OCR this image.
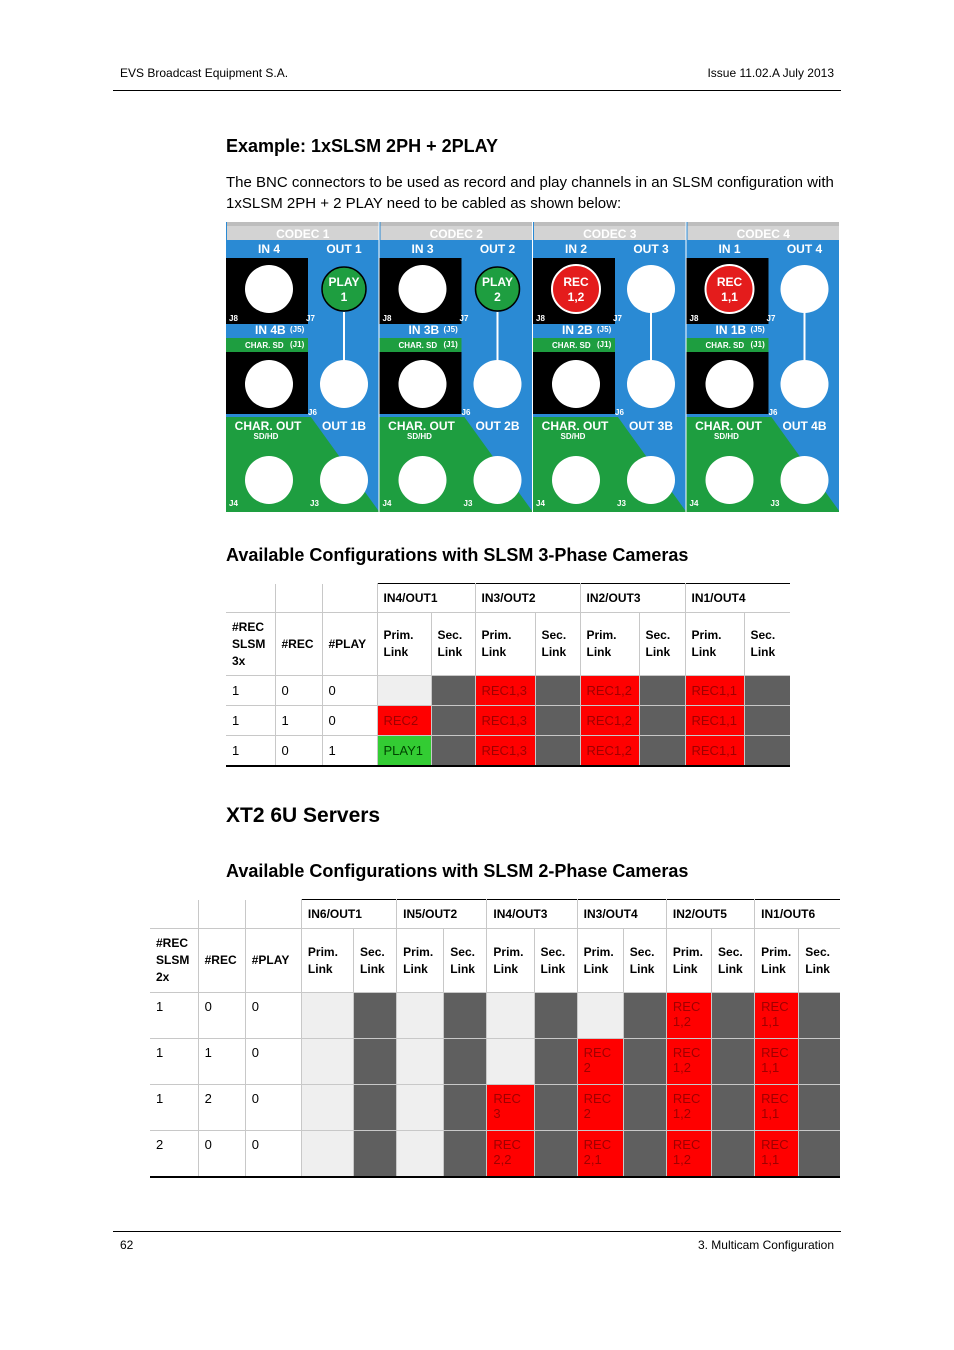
EVS Broadcast Equipment S.A.	Issue 11.02.A July 2013
Example: 1xSLSM 2PH + 2PLAY
The BNC connectors to be used as record and play channels in an SLSM configuration with 1xSLSM 2PH + 2 PLAY need to be cabled as shown below:
CODEC 1
IN 4	OUT 1
PLAY
1
J8	J7
IN 4B (J5)
CHAR. SD (J1)
J6
CHAR. OUT
SD/HD
OUT 1B
J4	J3
CODEC 2
IN 3	OUT 2
PLAY
2
J8	J7
IN 3B (J5)
CHAR. SD (J1)
J6
CHAR. OUT
SD/HD
OUT 2B
J4	J3
CODEC 3
IN 2	OUT 3
REC
1,2
J8	J7
IN 2B (J5)
CHAR. SD (J1)
J6
CHAR. OUT
SD/HD
OUT 3B
J4	J3
CODEC 4
IN 1	OUT 4
REC
1,1
J8	J7
IN 1B (J5)
CHAR. SD (J1)
J6
CHAR. OUT
SD/HD
OUT 4B
J4	J3
Available Configurations with SLSM 3-Phase Cameras
			IN4/OUT1		IN3/OUT2		IN2/OUT3		IN1/OUT4	
#REC SLSM 3x	#REC	#PLAY	Prim. Link	Sec. Link	Prim. Link	Sec. Link	Prim. Link	Sec. Link	Prim. Link	Sec. Link
1	0	0			REC1,3		REC1,2		REC1,1	
1	1	0	REC2		REC1,3		REC1,2		REC1,1	
1	0	1	PLAY1		REC1,3		REC1,2		REC1,1	
XT2 6U Servers
Available Configurations with SLSM 2-Phase Cameras
			IN6/OUT1		IN5/OUT2		IN4/OUT3		IN3/OUT4		IN2/OUT5		IN1/OUT6	
#REC SLSM 2x	#REC	#PLAY	Prim. Link	Sec. Link	Prim. Link	Sec. Link	Prim. Link	Sec. Link	Prim. Link	Sec. Link	Prim. Link	Sec. Link	Prim. Link	Sec. Link
1	0	0									REC 1,2		REC 1,1	
1	1	0							REC 2		REC 1,2		REC 1,1	
1	2	0					REC 3		REC 2		REC 1,2		REC 1,1	
2	0	0					REC 2,2		REC 2,1		REC 1,2		REC 1,1	
62	3. Multicam Configuration
